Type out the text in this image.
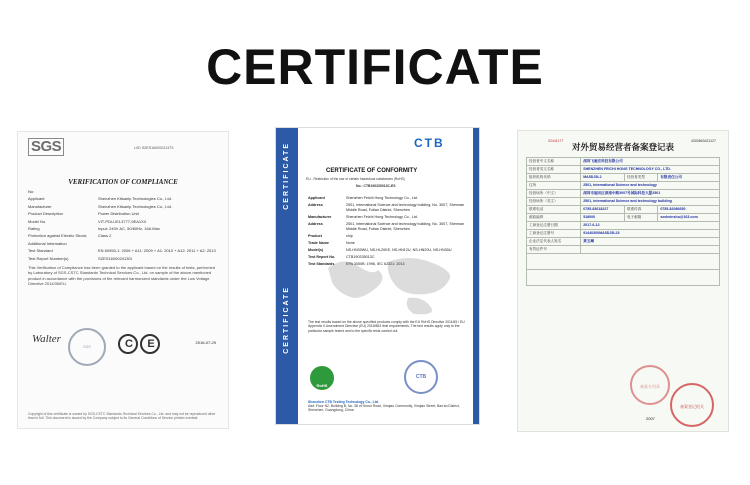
CERTIFICATE
SGS	LVD SZES1600024137S
VERIFICATION OF COMPLIANCE
No:
Applicant	Shenzhen Kitsanip Technologies Co., Ltd.
Manufacturer	Shenzhen Kitsanip Technologies Co., Ltd.
Product Description	Power Distribution Unit
Model No.	VIT-PDU-IEL3777-9EA1XX
Rating	Input: 240V AC, 50/60Hz, 16A Max
Protection against Electric Shock	Class 2
Additional Information
Test Standard	EN 60950-1: 2006 + A11: 2009 + A1: 2010 + A12: 2011 + A2: 2013
Test Report Number(s)	SZES1600024130I
This Verification of Compliance has been granted to the applicant based on the results of tests, performed by Laboratory of SGS-CSTC Standards Technical Services Co., Ltd. on sample of the above-mentioned product in accordance with the provisions of the relevant harmonized standards under the Low Voltage Directive 2014/35/EU.
Walter
SGS	C E	2016-07-29
Copyright of this certificate is owned by SGS-CSTC Standards Technical Services Co., Ltd. and may not be reproduced other than in full. This document is issued by the Company subject to its General Conditions of Service printed overleaf.
CERTIFICATE
CERTIFICATE
CTB
CERTIFICATE OF CONFORMITY
EU - Restriction of the use of certain hazardous substances (RoHS)
No.: CTB190335013C-ES
Applicant	Shenzhen Feichi Hong Technology Co., Ltd.
Address	2501, international Science and technology building, No. 3007, Shennan Middle Road, Futian District, Shenzhen
Manufacturer	Shenzhen Feichi Hong Technology Co., Ltd.
Address	2501, international Science and technology building, No. 3007, Shennan Middle Road, Futian District, Shenzhen
Product	chip
Trade Name	None
Model(s)	NS-HN30WU, NS-HL20KE, NS-HN12U, NS-HN20U, NS-HN30U
Test Report No.	CTB190335013C
Test Standards	EPA 3050B: 1996, IEC 62321: 2013
The test results based on the above specified products comply with the EU RoHS Directive 2011/65 / EU Appendix II Amendment Directive (EU) 2015/863 limit requirements. The test results apply only to the particular sample tested and to the specific tests carried out.
RoHS
CTB
Shenzhen CTB Testing Technology Co., Ltd.
Add: Floor N2, Building B, No. 38 of Honor Road, Xinqiao Community, Xinqiao Street, Bao'an District, Shenzhen, Guangdong, China
对外贸易经营者备案登记表
02441177	4300663421127
经营者中文名称	深圳飞驰宏科技有限公司		
经营者英文名称	SHENZHEN FEICHI HONG TECHNOLOGY CO., LTD.		
组织机构代码	MA5DJ5L2	经营者类型	有限责任公司
住所	2501, international Science and technology		
经营场所（中文）	深圳市福田区深南中路3007号国际科技大厦2501		
经营场所（英文）	2501, international Science and technology building		
联系电话	0755-83618227	联系传真	0755-82086650
邮政编码	518000	电子邮箱	szsheinshu@163.com
工商登记注册日期	2017-6-12		
工商登记注册号	91440300MA5DJ5L23		
企业法定代表人姓名	黄玉琳		
有效证件号			

备案专用章
备案登记机关
2007
